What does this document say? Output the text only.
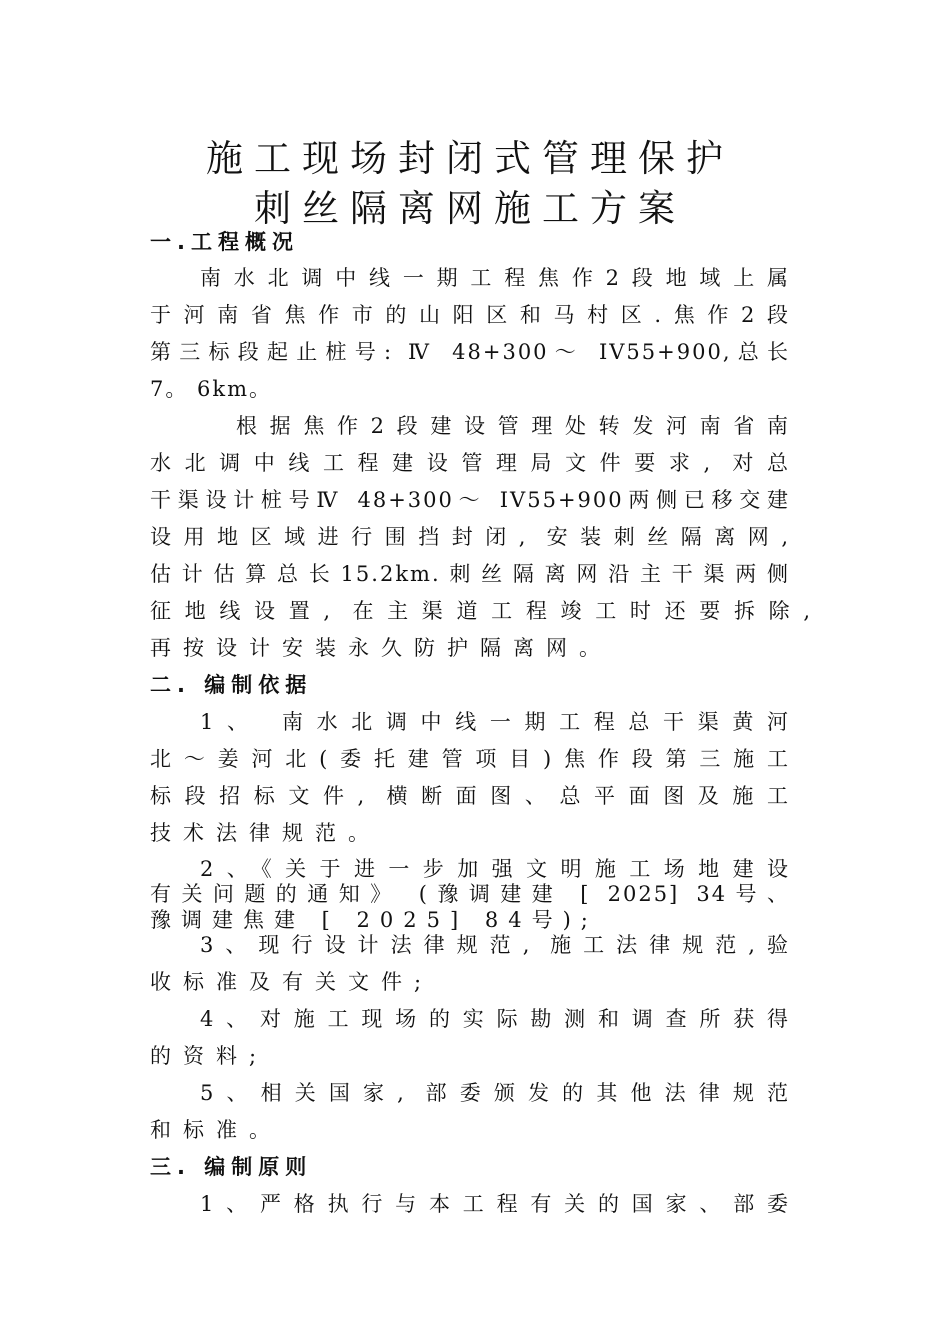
施工现场封闭式管理保护
刺丝隔离网施工方案
一.工程概况
南水北调中线一期工程焦作2段地域上属
于河南省焦作市的山阳区和马村区.焦作2段
第三标段起止桩号: Ⅳ 48+300～ IV55+900,总长
7。 6km。
根据焦作2段建设管理处转发河南省南
水北调中线工程建设管理局文件要求, 对总
干渠设计桩号Ⅳ 48+300～ IV55+900两侧已移交建
设用地区域进行围挡封闭, 安装刺丝隔离网,
估计估算总长15.2km.刺丝隔离网沿主干渠两侧
征地线设置, 在主渠道工程竣工时还要拆除,
再按设计安装永久防护隔离网。
二. 编制依据
1、 南水北调中线一期工程总干渠黄河
北～姜河北(委托建管项目)焦作段第三施工
标段招标文件, 横断面图、总平面图及施工
技术法律规范。
2、《关于进一步加强文明施工场地建设
有关问题的通知》 (豫调建建 [ 2025] 34号、
豫调建焦建 [ 2025] 84号);
3、现行设计法律规范, 施工法律规范,验
收标准及有关文件;
4、对施工现场的实际勘测和调查所获得
的资料;
5、相关国家, 部委颁发的其他法律规范
和标准。
三. 编制原则
1、严格执行与本工程有关的国家、部委
